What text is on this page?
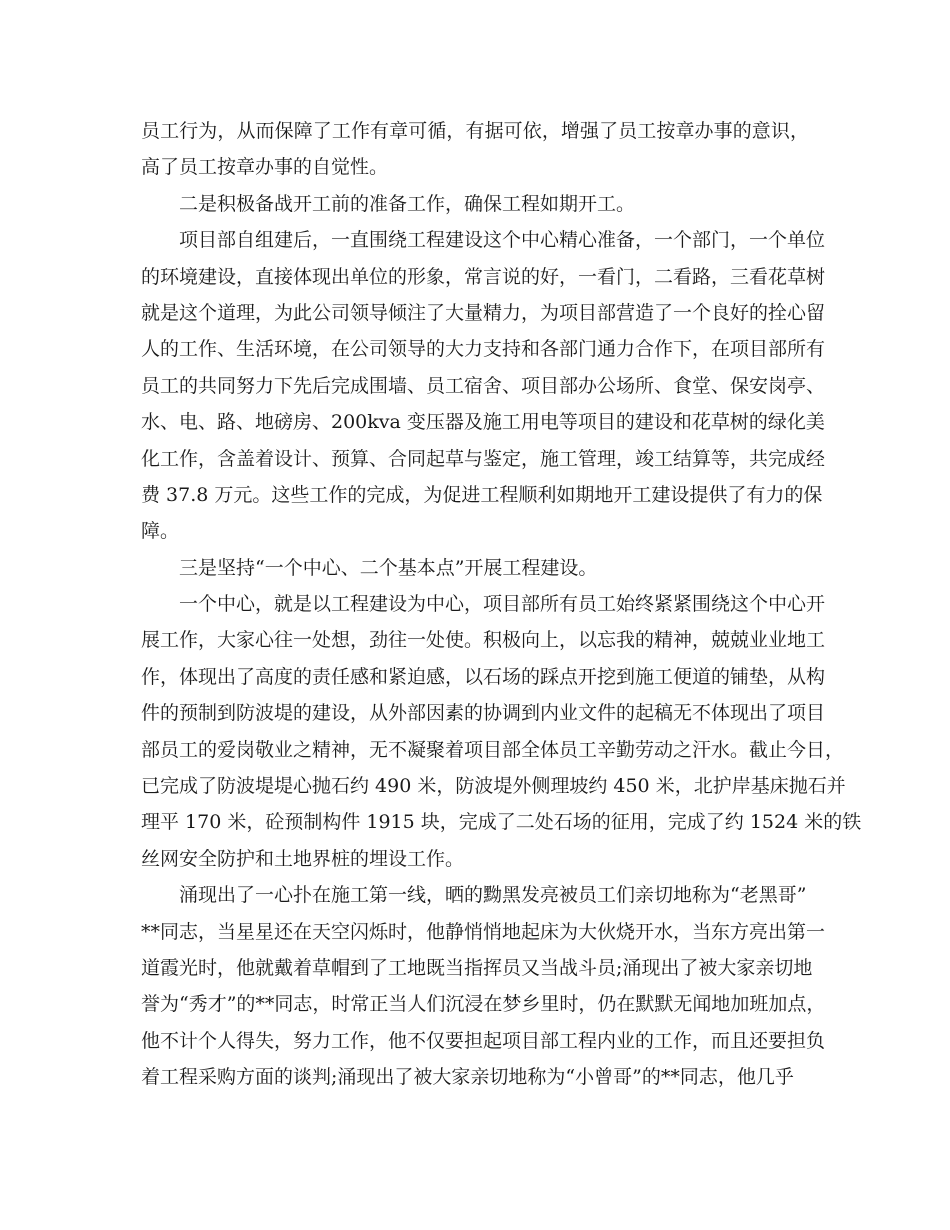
员工行为，从而保障了工作有章可循，有据可依，增强了员工按章办事的意识，
高了员工按章办事的自觉性。
二是积极备战开工前的准备工作，确保工程如期开工。
项目部自组建后，一直围绕工程建设这个中心精心准备，一个部门，一个单位
的环境建设，直接体现出单位的形象，常言说的好，一看门，二看路，三看花草树
就是这个道理，为此公司领导倾注了大量精力，为项目部营造了一个良好的拴心留
人的工作、生活环境，在公司领导的大力支持和各部门通力合作下，在项目部所有
员工的共同努力下先后完成围墙、员工宿舍、项目部办公场所、食堂、保安岗亭、
水、电、路、地磅房、200kva 变压器及施工用电等项目的建设和花草树的绿化美
化工作，含盖着设计、预算、合同起草与鉴定，施工管理，竣工结算等，共完成经
费 37.8 万元。这些工作的完成，为促进工程顺利如期地开工建设提供了有力的保
障。
三是坚持“一个中心、二个基本点”开展工程建设。
一个中心，就是以工程建设为中心，项目部所有员工始终紧紧围绕这个中心开
展工作，大家心往一处想，劲往一处使。积极向上，以忘我的精神，兢兢业业地工
作，体现出了高度的责任感和紧迫感，以石场的踩点开挖到施工便道的铺垫，从构
件的预制到防波堤的建设，从外部因素的协调到内业文件的起稿无不体现出了项目
部员工的爱岗敬业之精神，无不凝聚着项目部全体员工辛勤劳动之汗水。截止今日，
已完成了防波堤堤心抛石约 490 米，防波堤外侧理坡约 450 米，北护岸基床抛石并
理平 170 米，砼预制构件 1915 块，完成了二处石场的征用，完成了约 1524 米的铁
丝网安全防护和土地界桩的埋设工作。
涌现出了一心扑在施工第一线，晒的黝黑发亮被员工们亲切地称为“老黑哥”
**同志，当星星还在天空闪烁时，他静悄悄地起床为大伙烧开水，当东方亮出第一
道霞光时，他就戴着草帽到了工地既当指挥员又当战斗员;涌现出了被大家亲切地
誉为“秀才”的**同志，时常正当人们沉浸在梦乡里时，仍在默默无闻地加班加点，
他不计个人得失，努力工作，他不仅要担起项目部工程内业的工作，而且还要担负
着工程采购方面的谈判;涌现出了被大家亲切地称为“小曾哥”的**同志，他几乎
